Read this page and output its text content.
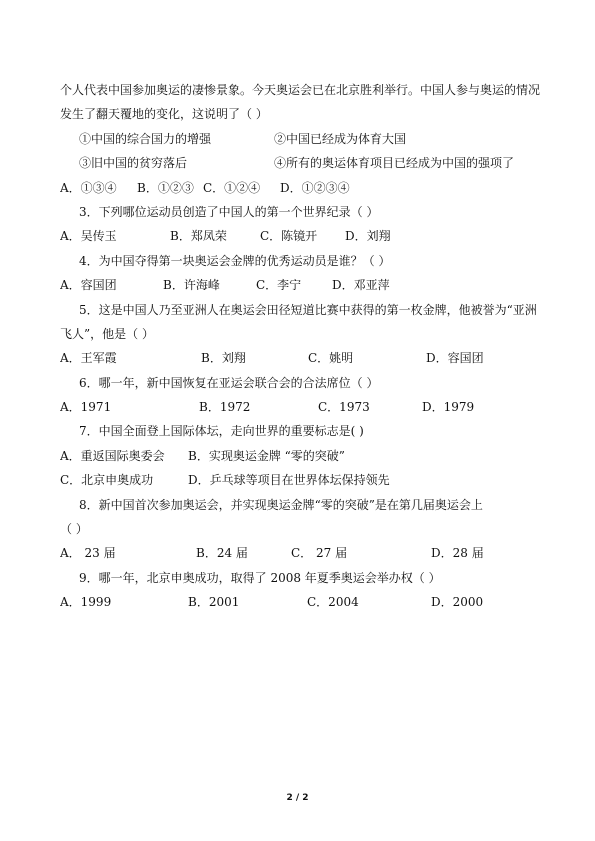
个人代表中国参加奥运的凄惨景象。今天奥运会已在北京胜利举行。中国人参与奥运的情况
发生了翻天覆地的变化，这说明了（ ）
①中国的综合国力的增强	②中国已经成为体育大国
③旧中国的贫穷落后	④所有的奥运体育项目已经成为中国的强项了
A．①③④ B．①②③ C．①②④ D．①②③④
3．下列哪位运动员创造了中国人的第一个世界纪录（ ）
A．吴传玉	B．郑凤荣	C．陈镜开 D．刘翔
4．为中国夺得第一块奥运会金牌的优秀运动员是谁？（ ）
A．容国团	B．许海峰	C．李宁	D．邓亚萍
5．这是中国人乃至亚洲人在奥运会田径短道比赛中获得的第一枚金牌，他被誉为“亚洲
飞人”，他是（ ）
A．王军霞	B．刘翔	C．姚明	D．容国团
6．哪一年，新中国恢复在亚运会联合会的合法席位（ ）
A．1971	B．1972	C．1973	D．1979
7．中国全面登上国际体坛，走向世界的重要标志是( )
A．重返国际奥委会 B．实现奥运金牌 “零的突破”
C．北京申奥成功	D．乒乓球等项目在世界体坛保持领先
8．新中国首次参加奥运会，并实现奥运金牌“零的突破”是在第几届奥运会上
（ ）
A． 23 届	B．24 届	C． 27 届	D．28 届
9．哪一年，北京申奥成功，取得了 2008 年夏季奥运会举办权（ ）
A．1999	B．2001	C．2004	D．2000
2 / 2
